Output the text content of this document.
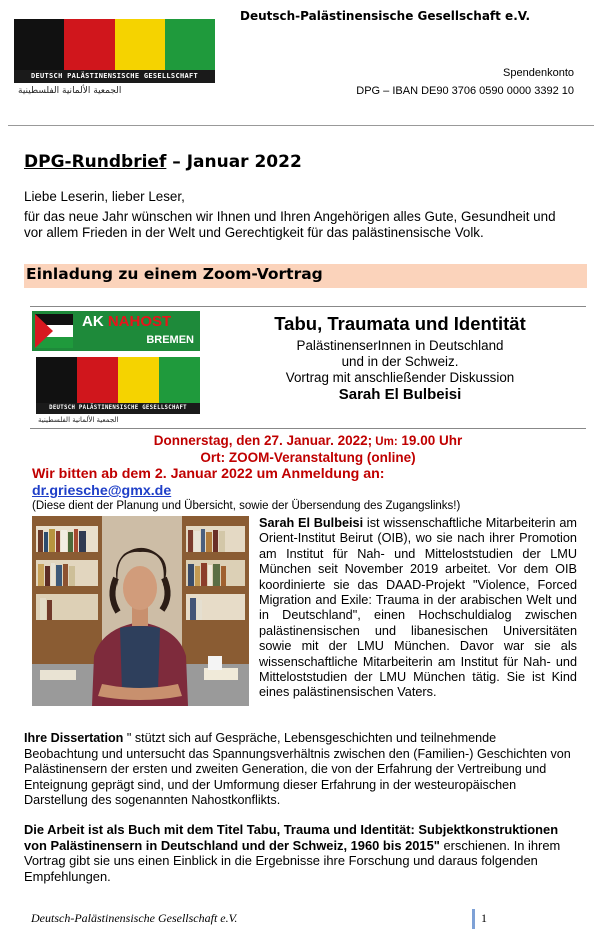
DEUTSCH PALÄSTINENSISCHE GESELLSCHAFT
الجمعية الألمانية الفلسطينية
Deutsch-Palästinensische Gesellschaft e.V.
Spendenkonto
DPG – IBAN DE90 3706 0590 0000 3392 10
DPG-Rundbrief – Januar 2022
Liebe Leserin, lieber Leser,
für das neue Jahr wünschen wir Ihnen und Ihren Angehörigen alles Gute, Gesundheit und vor allem Frieden in der Welt und Gerechtigkeit für das palästinensische Volk.
Einladung zu einem Zoom-Vortrag
AK NAHOST
BREMEN
DEUTSCH PALÄSTINENSISCHE GESELLSCHAFT
الجمعية الألمانية الفلسطينية
Tabu, Traumata und Identität
PalästinenserInnen in Deutschland
und in der Schweiz.
Vortrag mit anschließender Diskussion
Sarah El Bulbeisi
Donnerstag, den 27. Januar. 2022; Um: 19.00 Uhr
Ort: ZOOM-Veranstaltung (online)
Wir bitten ab dem 2. Januar 2022 um Anmeldung an:
dr.griesche@gmx.de
(Diese dient der Planung und Übersicht, sowie der Übersendung des Zugangslinks!)
Sarah El Bulbeisi ist wissenschaftliche Mitarbeiterin am Orient-Institut Beirut (OIB), wo sie nach ihrer Promotion am Institut für Nah- und Mitteloststudien der LMU München seit November 2019 arbeitet. Vor dem OIB koordinierte sie das DAAD-Projekt "Violence, Forced Migration and Exile: Trauma in der arabischen Welt und in Deutschland", einen Hochschuldialog zwischen palästinensischen und libanesischen Universitäten sowie mit der LMU München. Davor war sie als wissenschaftliche Mitarbeiterin am Institut für Nah- und Mitteloststudien der LMU München tätig. Sie ist Kind eines palästinensischen Vaters.
Ihre Dissertation " stützt sich auf Gespräche, Lebensgeschichten und teilnehmende Beobachtung und untersucht das Spannungsverhältnis zwischen den (Familien-) Geschichten von Palästinensern der ersten und zweiten Generation, die von der Erfahrung der Vertreibung und Enteignung geprägt sind, und der Umformung dieser Erfahrung in der westeuropäischen Darstellung des sogenannten Nahostkonflikts.
Die Arbeit ist als Buch mit dem Titel Tabu, Trauma und Identität: Subjektkonstruktionen von Palästinensern in Deutschland und der Schweiz, 1960 bis 2015" erschienen. In ihrem Vortrag gibt sie uns einen Einblick in die Ergebnisse ihre Forschung und daraus folgenden Empfehlungen.
Deutsch-Palästinensische Gesellschaft e.V.	1
